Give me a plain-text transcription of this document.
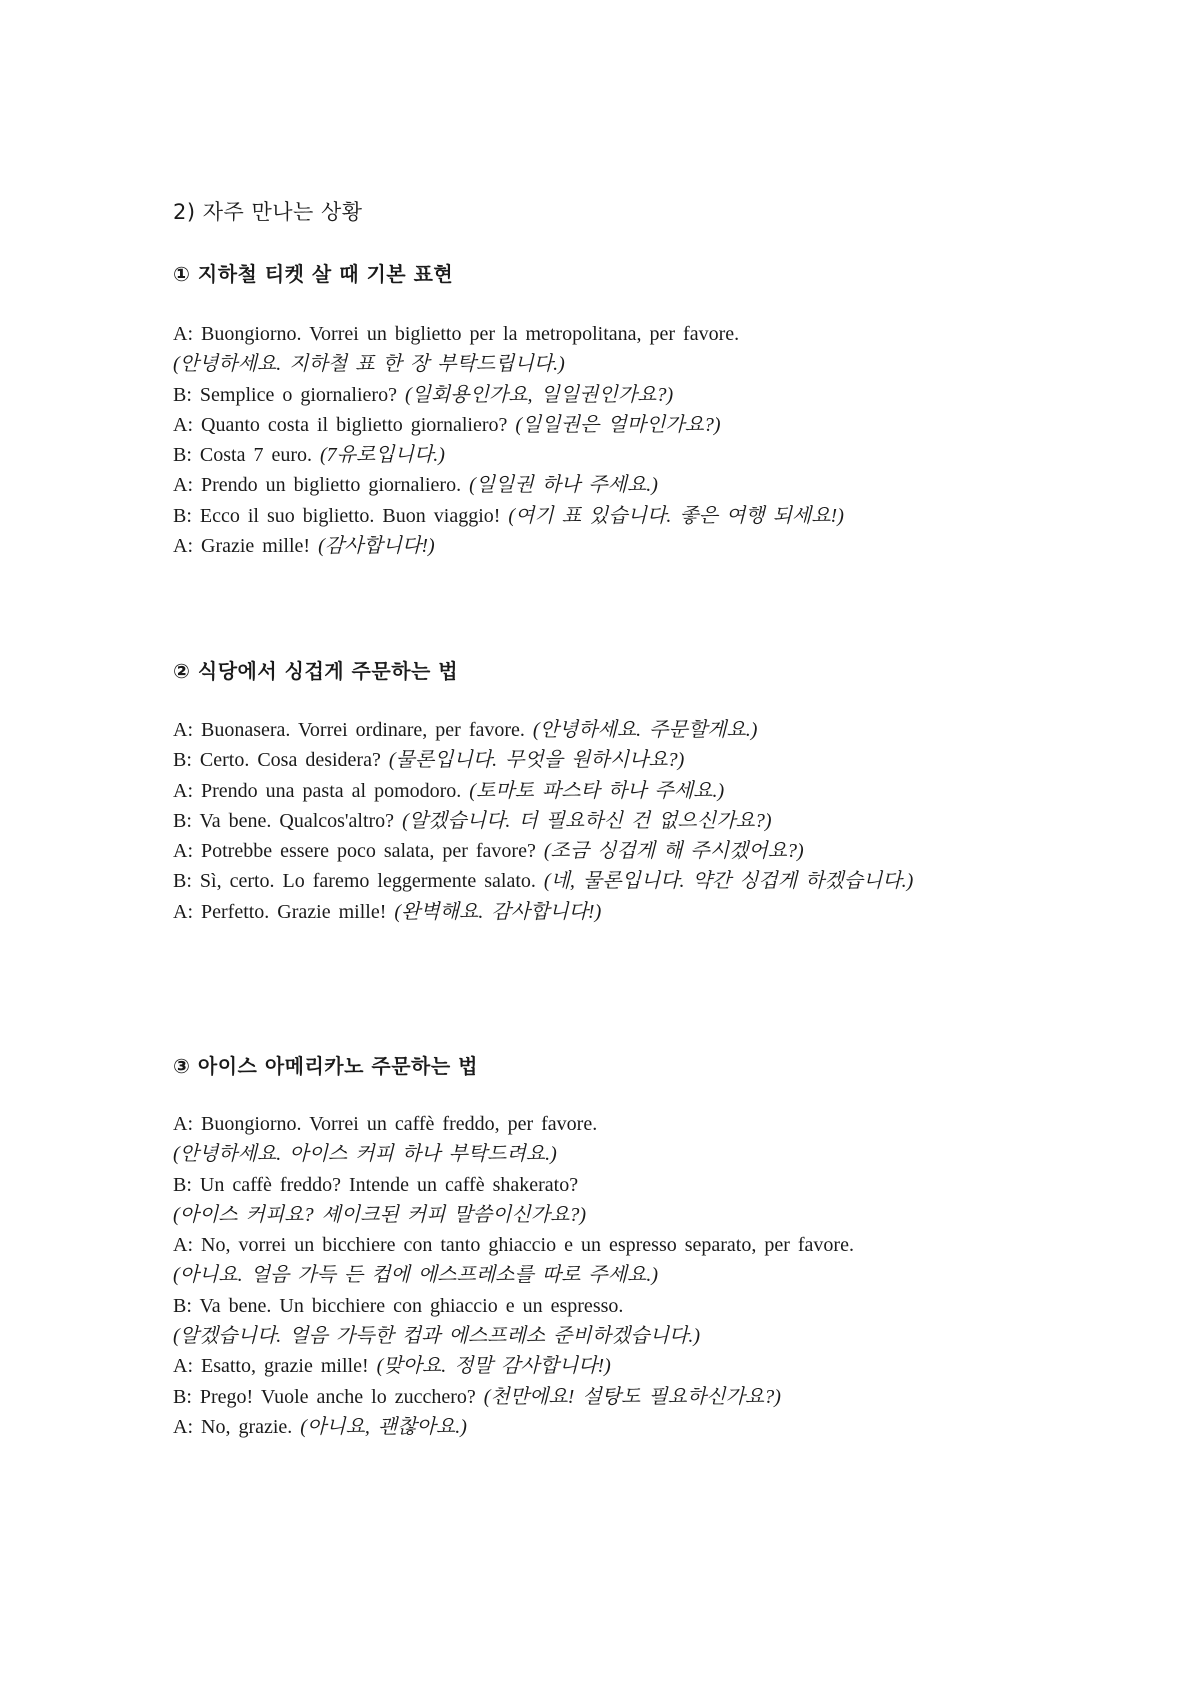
2) 자주 만나는 상황
① 지하철 티켓 살 때 기본 표현
A: Buongiorno. Vorrei un biglietto per la metropolitana, per favore.
(안녕하세요. 지하철 표 한 장 부탁드립니다.)
B: Semplice o giornaliero? (일회용인가요, 일일권인가요?)
A: Quanto costa il biglietto giornaliero? (일일권은 얼마인가요?)
B: Costa 7 euro. (7유로입니다.)
A: Prendo un biglietto giornaliero. (일일권 하나 주세요.)
B: Ecco il suo biglietto. Buon viaggio! (여기 표 있습니다. 좋은 여행 되세요!)
A: Grazie mille! (감사합니다!)
② 식당에서 싱겁게 주문하는 법
A: Buonasera. Vorrei ordinare, per favore. (안녕하세요. 주문할게요.)
B: Certo. Cosa desidera? (물론입니다. 무엇을 원하시나요?)
A: Prendo una pasta al pomodoro. (토마토 파스타 하나 주세요.)
B: Va bene. Qualcos'altro? (알겠습니다. 더 필요하신 건 없으신가요?)
A: Potrebbe essere poco salata, per favore? (조금 싱겁게 해 주시겠어요?)
B: Sì, certo. Lo faremo leggermente salato. (네, 물론입니다. 약간 싱겁게 하겠습니다.)
A: Perfetto. Grazie mille! (완벽해요. 감사합니다!)
③ 아이스 아메리카노 주문하는 법
A: Buongiorno. Vorrei un caffè freddo, per favore.
(안녕하세요. 아이스 커피 하나 부탁드려요.)
B: Un caffè freddo? Intende un caffè shakerato?
(아이스 커피요? 셰이크된 커피 말씀이신가요?)
A: No, vorrei un bicchiere con tanto ghiaccio e un espresso separato, per favore.
(아니요. 얼음 가득 든 컵에 에스프레소를 따로 주세요.)
B: Va bene. Un bicchiere con ghiaccio e un espresso.
(알겠습니다. 얼음 가득한 컵과 에스프레소 준비하겠습니다.)
A: Esatto, grazie mille! (맞아요. 정말 감사합니다!)
B: Prego! Vuole anche lo zucchero? (천만에요! 설탕도 필요하신가요?)
A: No, grazie. (아니요, 괜찮아요.)
